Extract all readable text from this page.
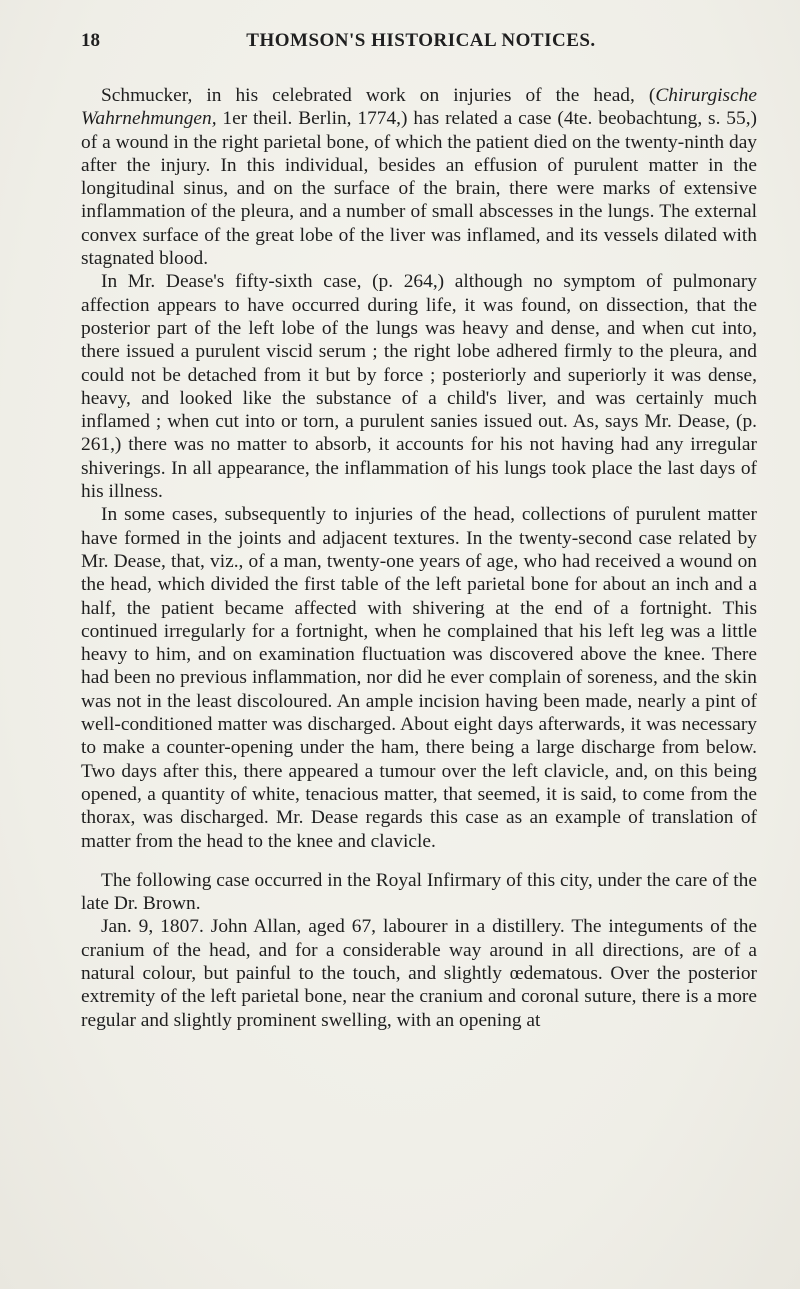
18	THOMSON'S HISTORICAL NOTICES.

Schmucker, in his celebrated work on injuries of the head, (Chirurgische Wahrnehmungen, 1er theil. Berlin, 1774,) has related a case (4te. beobachtung, s. 55,) of a wound in the right parietal bone, of which the patient died on the twenty-ninth day after the injury. In this individual, besides an effusion of purulent matter in the longitudinal sinus, and on the surface of the brain, there were marks of extensive inflammation of the pleura, and a number of small abscesses in the lungs. The external convex surface of the great lobe of the liver was inflamed, and its vessels dilated with stagnated blood.

In Mr. Dease's fifty-sixth case, (p. 264,) although no symptom of pulmonary affection appears to have occurred during life, it was found, on dissection, that the posterior part of the left lobe of the lungs was heavy and dense, and when cut into, there issued a purulent viscid serum ; the right lobe adhered firmly to the pleura, and could not be detached from it but by force ; posteriorly and superiorly it was dense, heavy, and looked like the substance of a child's liver, and was certainly much inflamed ; when cut into or torn, a purulent sanies issued out. As, says Mr. Dease, (p. 261,) there was no matter to absorb, it accounts for his not having had any irregular shiverings. In all appearance, the inflammation of his lungs took place the last days of his illness.

In some cases, subsequently to injuries of the head, collections of purulent matter have formed in the joints and adjacent textures. In the twenty-second case related by Mr. Dease, that, viz., of a man, twenty-one years of age, who had received a wound on the head, which divided the first table of the left parietal bone for about an inch and a half, the patient became affected with shivering at the end of a fortnight. This continued irregularly for a fortnight, when he complained that his left leg was a little heavy to him, and on examination fluctuation was discovered above the knee. There had been no previous inflammation, nor did he ever complain of soreness, and the skin was not in the least discoloured. An ample incision having been made, nearly a pint of well-conditioned matter was discharged. About eight days afterwards, it was necessary to make a counter-opening under the ham, there being a large discharge from below. Two days after this, there appeared a tumour over the left clavicle, and, on this being opened, a quantity of white, tenacious matter, that seemed, it is said, to come from the thorax, was discharged. Mr. Dease regards this case as an example of translation of matter from the head to the knee and clavicle.

The following case occurred in the Royal Infirmary of this city, under the care of the late Dr. Brown.

Jan. 9, 1807. John Allan, aged 67, labourer in a distillery. The integuments of the cranium of the head, and for a considerable way around in all directions, are of a natural colour, but painful to the touch, and slightly œdematous. Over the posterior extremity of the left parietal bone, near the cranium and coronal suture, there is a more regular and slightly prominent swelling, with an opening at
